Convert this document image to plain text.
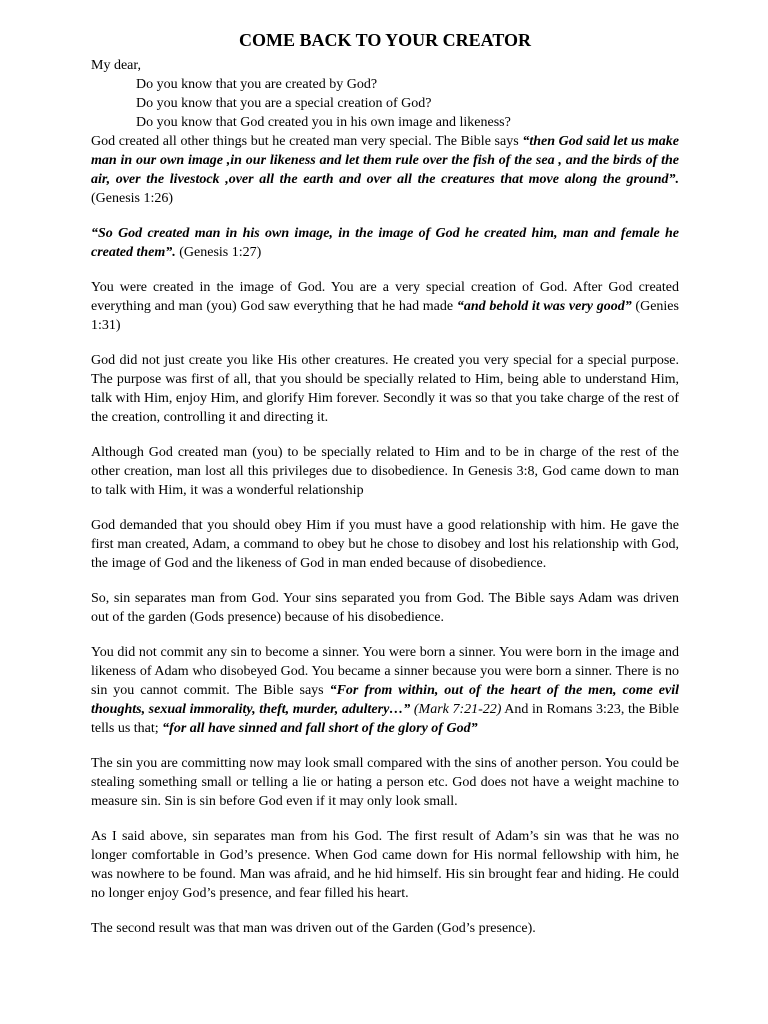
COME BACK TO YOUR CREATOR

My dear,

Do you know that you are created by God?

Do you know that you are a special creation of God?

Do you know that God created you in his own image and likeness?

God created all other things but he created man very special. The Bible says “then God said let us make man in our own image ,in our likeness and let them rule over the fish of the sea , and the birds of the air, over the livestock ,over all the earth and over all the creatures that move along the ground”. (Genesis 1:26)

“So God created man in his own image, in the image of God he created him, man and female he created them”. (Genesis 1:27)

You were created in the image of God. You are a very special creation of God. After God created everything and man (you) God saw everything that he had made “and behold it was very good” (Genies 1:31)

God did not just create you like His other creatures. He created you very special for a special purpose. The purpose was first of all, that you should be specially related to Him, being able to understand Him, talk with Him, enjoy Him, and glorify Him forever. Secondly it was so that you take charge of the rest of the creation, controlling it and directing it.

Although God created man (you) to be specially related to Him and to be in charge of the rest of the other creation, man lost all this privileges due to disobedience. In Genesis 3:8, God came down to man to talk with Him, it was a wonderful relationship

God demanded that you should obey Him if you must have a good relationship with him. He gave the first man created, Adam, a command to obey but he chose to disobey and lost his relationship with God, the image of God and the likeness of God in man ended because of disobedience.

So, sin separates man from God. Your sins separated you from God. The Bible says Adam was driven out of the garden (Gods presence) because of his disobedience.

You did not commit any sin to become a sinner. You were born a sinner. You were born in the image and likeness of Adam who disobeyed God. You became a sinner because you were born a sinner. There is no sin you cannot commit. The Bible says “For from within, out of the heart of the men, come evil thoughts, sexual immorality, theft, murder, adultery…” (Mark 7:21-22) And in Romans 3:23, the Bible tells us that; “for all have sinned and fall short of the glory of God”

The sin you are committing now may look small compared with the sins of another person. You could be stealing something small or telling a lie or hating a person etc. God does not have a weight machine to measure sin. Sin is sin before God even if it may only look small.

As I said above, sin separates man from his God. The first result of Adam’s sin was that he was no longer comfortable in God’s presence. When God came down for His normal fellowship with him, he was nowhere to be found. Man was afraid, and he hid himself. His sin brought fear and hiding. He could no longer enjoy God’s presence, and fear filled his heart.

The second result was that man was driven out of the Garden (God’s presence).
